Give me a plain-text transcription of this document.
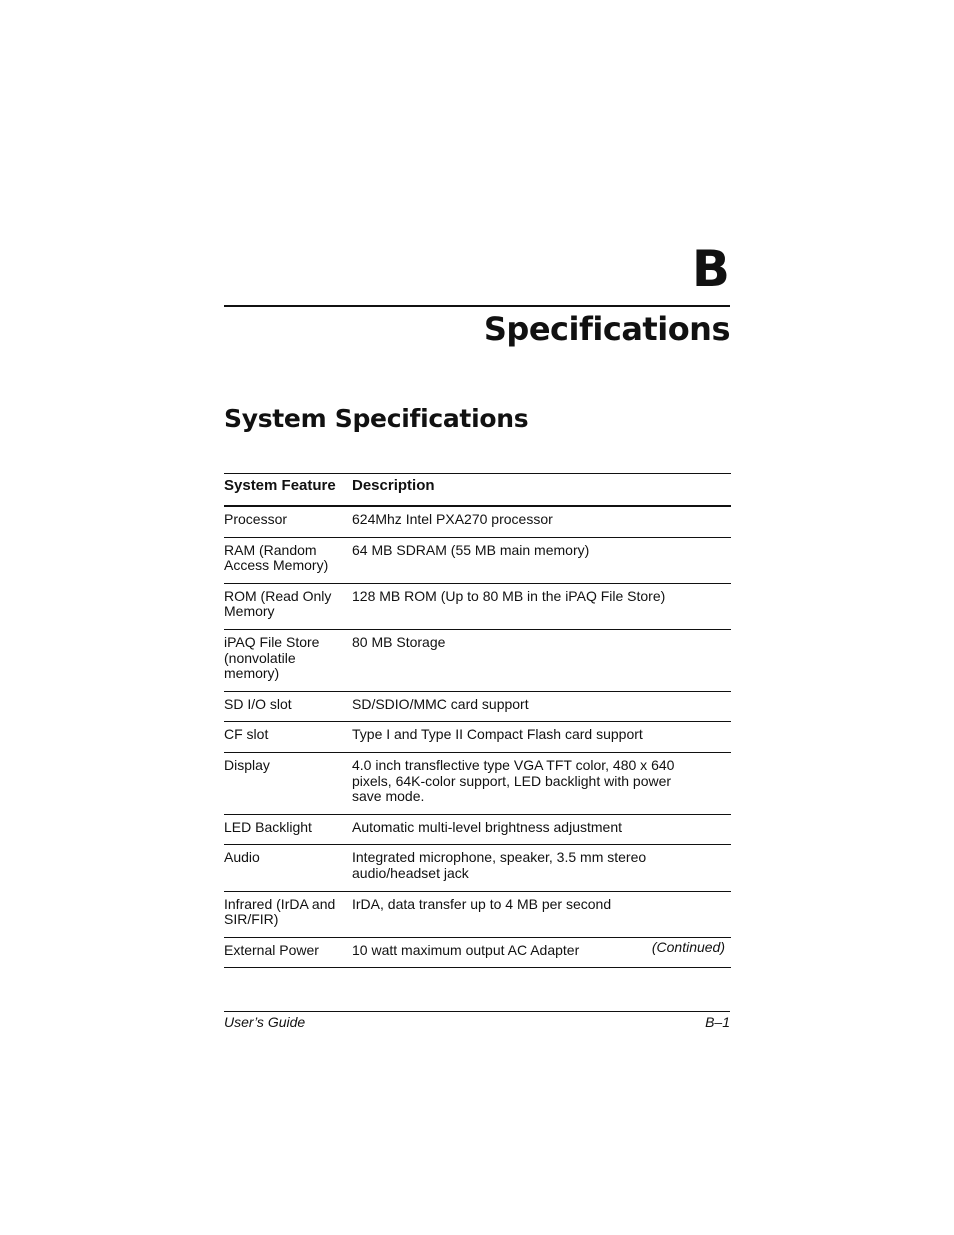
B
Specifications
System Specifications
System Feature	Description
Processor	624Mhz Intel PXA270 processor
RAM (Random Access Memory)	64 MB SDRAM (55 MB main memory)
ROM (Read Only Memory	128 MB ROM (Up to 80 MB in the iPAQ File Store)
iPAQ File Store (nonvolatile memory)	80 MB Storage
SD I/O slot	SD/SDIO/MMC card support
CF slot	Type I and Type II Compact Flash card support
Display	4.0 inch transflective type VGA TFT color, 480 x 640 pixels, 64K-color support, LED backlight with power save mode.
LED Backlight	Automatic multi-level brightness adjustment
Audio	Integrated microphone, speaker, 3.5 mm stereo audio/headset jack
Infrared (IrDA and SIR/FIR)	IrDA, data transfer up to 4 MB per second
External Power	10 watt maximum output AC Adapter	(Continued)

User’s Guide	B–1
